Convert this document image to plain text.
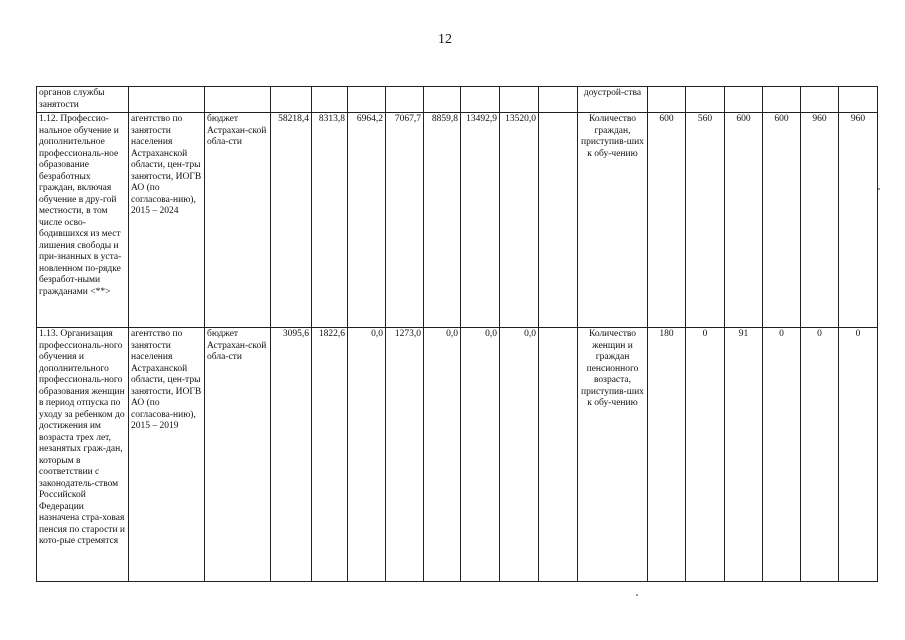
12
органов службы занятости											доустрой-ства						
1.12. Профессио-нальное обучение и дополнительное профессиональ-ное образование безработных граждан, включая обучение в дру-гой местности, в том числе осво-бодившихся из мест лишения свободы и при-знанных в уста-новленном по-рядке безработ-ными гражданами <**>	агентство по занятости населения Астраханской области, цен-тры занятости, ИОГВ АО (по согласова-нию), 2015 – 2024	бюджет Астрахан-ской обла-сти	58218,4	8313,8	6964,2	7067,7	8859,8	13492,9	13520,0		Количество граждан, приступив-ших к обу-чению	600	560	600	600	960	960
1.13. Организация профессиональ-ного обучения и дополнительного профессиональ-ного образования женщин в период отпуска по уходу за ребенком до достижения им возраста трех лет, незанятых граж-дан, которым в соответствии с законодатель-ством Российской Федерации назначена стра-ховая пенсия по старости и кото-рые стремятся	агентство по занятости населения Астраханской области, цен-тры занятости, ИОГВ АО (по согласова-нию), 2015 – 2019	бюджет Астрахан-ской обла-сти	3095,6	1822,6	0,0	1273,0	0,0	0,0	0,0		Количество женщин и граждан пенсионного возраста, приступив-ших к обу-чению	180	0	91	0	0	0
